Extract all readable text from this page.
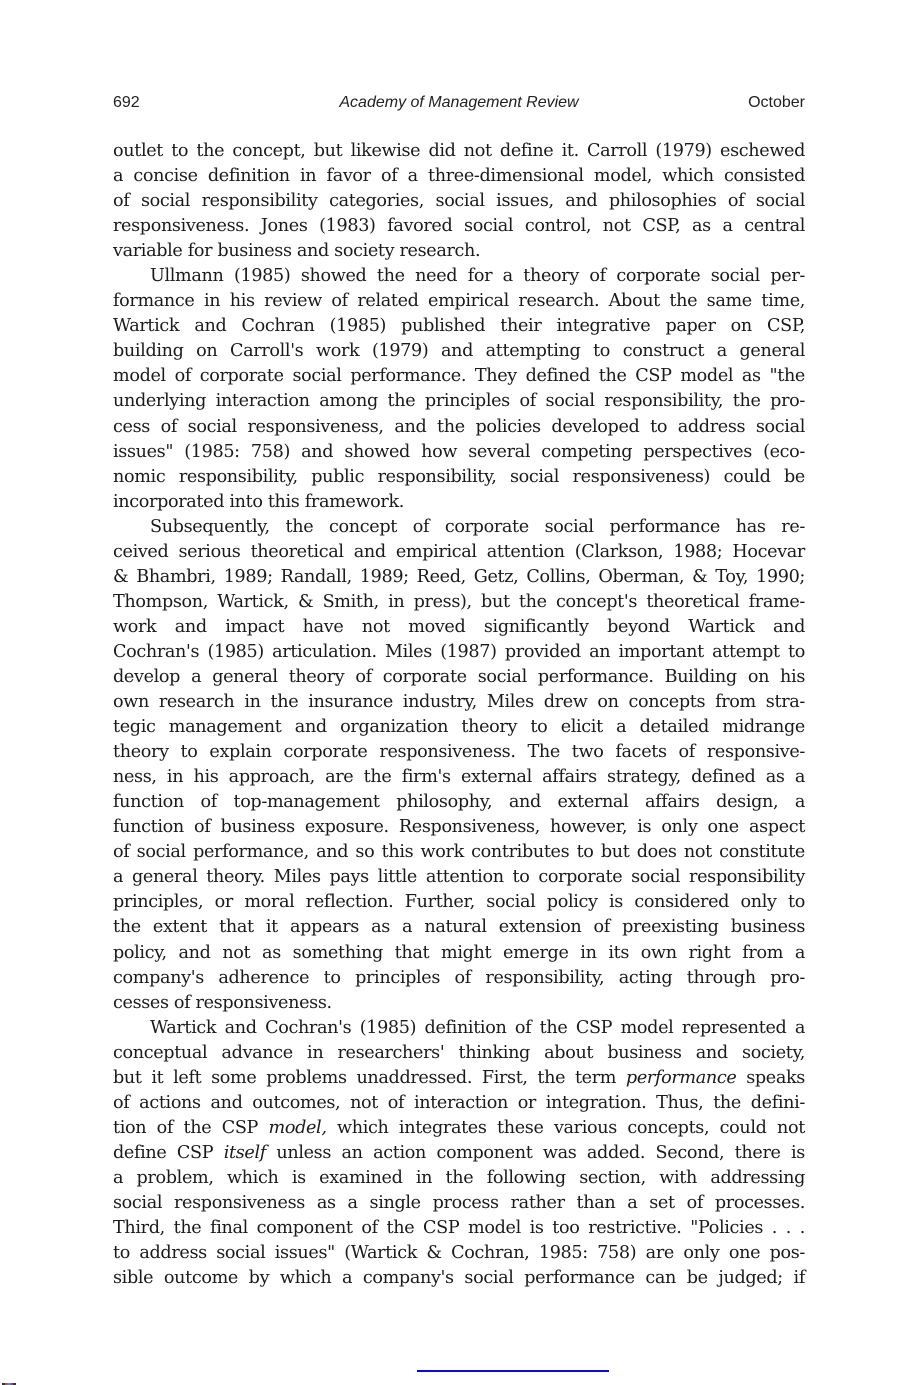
692	Academy of Management Review	October
outlet to the concept, but likewise did not define it. Carroll (1979) eschewed
a concise definition in favor of a three-dimensional model, which consisted
of social responsibility categories, social issues, and philosophies of social
responsiveness. Jones (1983) favored social control, not CSP, as a central
variable for business and society research.
Ullmann (1985) showed the need for a theory of corporate social per-
formance in his review of related empirical research. About the same time,
Wartick and Cochran (1985) published their integrative paper on CSP,
building on Carroll's work (1979) and attempting to construct a general
model of corporate social performance. They defined the CSP model as "the
underlying interaction among the principles of social responsibility, the pro-
cess of social responsiveness, and the policies developed to address social
issues" (1985: 758) and showed how several competing perspectives (eco-
nomic responsibility, public responsibility, social responsiveness) could be
incorporated into this framework.
Subsequently, the concept of corporate social performance has re-
ceived serious theoretical and empirical attention (Clarkson, 1988; Hocevar
& Bhambri, 1989; Randall, 1989; Reed, Getz, Collins, Oberman, & Toy, 1990;
Thompson, Wartick, & Smith, in press), but the concept's theoretical frame-
work and impact have not moved significantly beyond Wartick and
Cochran's (1985) articulation. Miles (1987) provided an important attempt to
develop a general theory of corporate social performance. Building on his
own research in the insurance industry, Miles drew on concepts from stra-
tegic management and organization theory to elicit a detailed midrange
theory to explain corporate responsiveness. The two facets of responsive-
ness, in his approach, are the firm's external affairs strategy, defined as a
function of top-management philosophy, and external affairs design, a
function of business exposure. Responsiveness, however, is only one aspect
of social performance, and so this work contributes to but does not constitute
a general theory. Miles pays little attention to corporate social responsibility
principles, or moral reflection. Further, social policy is considered only to
the extent that it appears as a natural extension of preexisting business
policy, and not as something that might emerge in its own right from a
company's adherence to principles of responsibility, acting through pro-
cesses of responsiveness.
Wartick and Cochran's (1985) definition of the CSP model represented a
conceptual advance in researchers' thinking about business and society,
but it left some problems unaddressed. First, the term performance speaks
of actions and outcomes, not of interaction or integration. Thus, the defini-
tion of the CSP model, which integrates these various concepts, could not
define CSP itself unless an action component was added. Second, there is
a problem, which is examined in the following section, with addressing
social responsiveness as a single process rather than a set of processes.
Third, the final component of the CSP model is too restrictive. "Policies . . .
to address social issues" (Wartick & Cochran, 1985: 758) are only one pos-
sible outcome by which a company's social performance can be judged; if
